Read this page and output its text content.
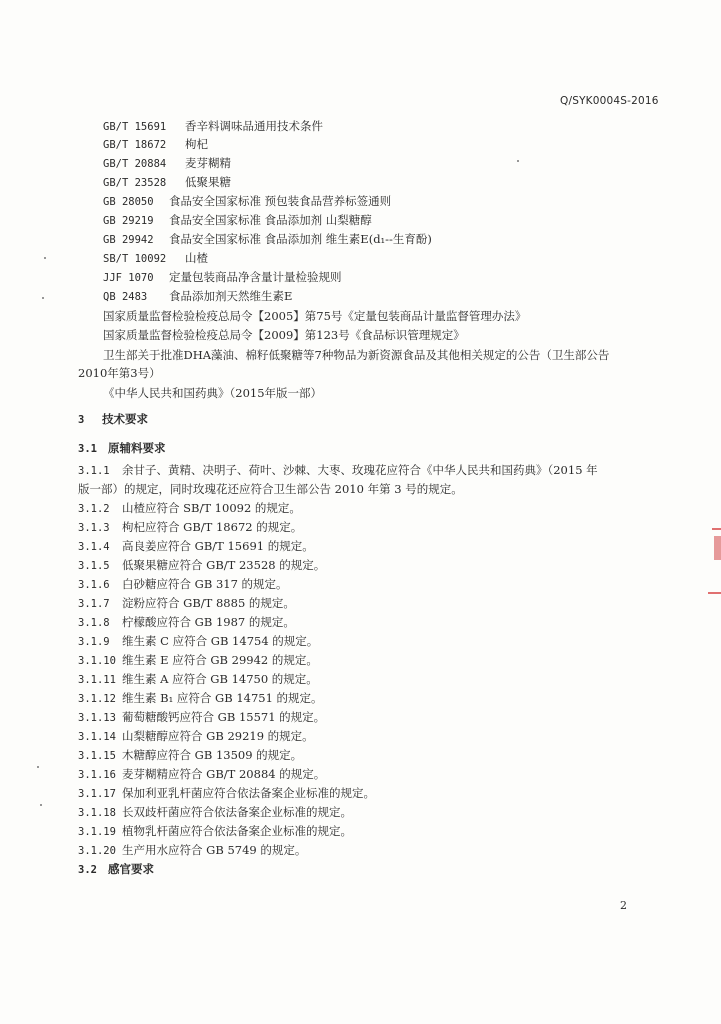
Q/SYK0004S-2016
GB/T 15691 香辛料调味品通用技术条件
GB/T 18672 枸杞
GB/T 20884 麦芽糊精
GB/T 23528 低聚果糖
GB 28050 食品安全国家标准 预包装食品营养标签通则
GB 29219 食品安全国家标准 食品添加剂 山梨糖醇
GB 29942 食品安全国家标准 食品添加剂 维生素E(d₁--生育酚)
SB/T 10092 山楂
JJF 1070 定量包装商品净含量计量检验规则
QB 2483 食品添加剂天然维生素E
国家质量监督检验检疫总局令【2005】第75号《定量包装商品计量监督管理办法》
国家质量监督检验检疫总局令【2009】第123号《食品标识管理规定》
卫生部关于批准DHA藻油、棉籽低聚糖等7种物品为新资源食品及其他相关规定的公告（卫生部公告
2010年第3号）
《中华人民共和国药典》（2015年版一部）
3 技术要求
3.1 原辅料要求
3.1.1 余甘子、黄精、决明子、荷叶、沙棘、大枣、玫瑰花应符合《中华人民共和国药典》（2015 年
版一部）的规定，同时玫瑰花还应符合卫生部公告 2010 年第 3 号的规定。
3.1.2 山楂应符合 SB/T 10092 的规定。
3.1.3 枸杞应符合 GB/T 18672 的规定。
3.1.4 高良姜应符合 GB/T 15691 的规定。
3.1.5 低聚果糖应符合 GB/T 23528 的规定。
3.1.6 白砂糖应符合 GB 317 的规定。
3.1.7 淀粉应符合 GB/T 8885 的规定。
3.1.8 柠檬酸应符合 GB 1987 的规定。
3.1.9 维生素 C 应符合 GB 14754 的规定。
3.1.10 维生素 E 应符合 GB 29942 的规定。
3.1.11 维生素 A 应符合 GB 14750 的规定。
3.1.12 维生素 B₁ 应符合 GB 14751 的规定。
3.1.13 葡萄糖酸钙应符合 GB 15571 的规定。
3.1.14 山梨糖醇应符合 GB 29219 的规定。
3.1.15 木糖醇应符合 GB 13509 的规定。
3.1.16 麦芽糊精应符合 GB/T 20884 的规定。
3.1.17 保加利亚乳杆菌应符合依法备案企业标准的规定。
3.1.18 长双歧杆菌应符合依法备案企业标准的规定。
3.1.19 植物乳杆菌应符合依法备案企业标准的规定。
3.1.20 生产用水应符合 GB 5749 的规定。
3.2 感官要求
2
